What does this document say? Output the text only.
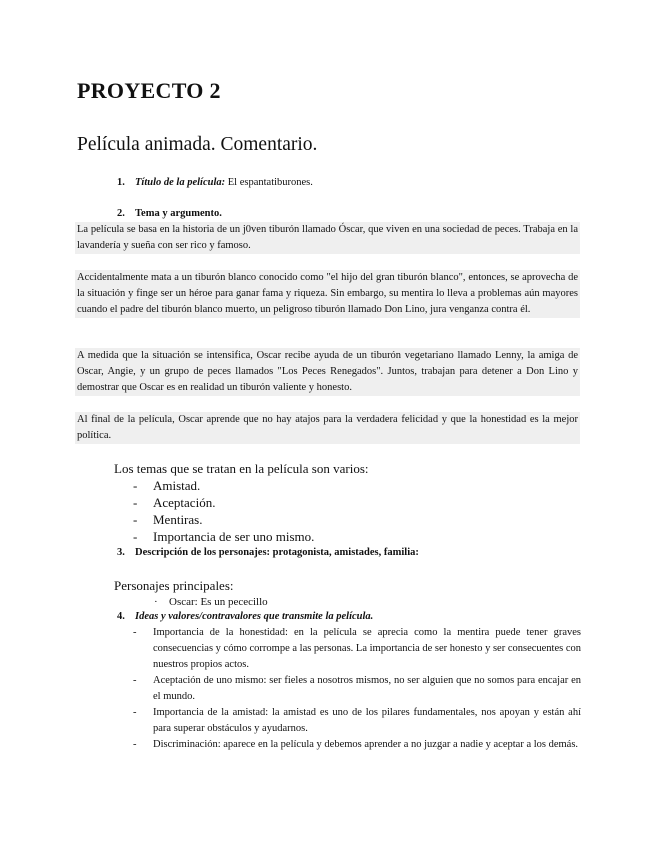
PROYECTO 2
Película animada. Comentario.
1. Título de la película: El espantatiburones.
2. Tema y argumento.
La película se basa en la historia de un j0ven tiburón llamado Óscar, que viven en una sociedad de peces. Trabaja en la lavandería y sueña con ser rico y famoso.
Accidentalmente mata a un tiburón blanco conocido como "el hijo del gran tiburón blanco", entonces, se aprovecha de la situación y finge ser un héroe para ganar fama y riqueza. Sin embargo, su mentira lo lleva a problemas aún mayores cuando el padre del tiburón blanco muerto, un peligroso tiburón llamado Don Lino, jura venganza contra él.
A medida que la situación se intensifica, Oscar recibe ayuda de un tiburón vegetariano llamado Lenny, la amiga de Oscar, Angie, y un grupo de peces llamados "Los Peces Renegados". Juntos, trabajan para detener a Don Lino y demostrar que Oscar es en realidad un tiburón valiente y honesto.
Al final de la película, Oscar aprende que no hay atajos para la verdadera felicidad y que la honestidad es la mejor política.
Los temas que se tratan en la película son varios:
- Amistad.
- Aceptación.
- Mentiras.
- Importancia de ser uno mismo.
3. Descripción de los personajes: protagonista, amistades, familia:
Personajes principales:
· Oscar: Es un pececillo
4. Ideas y valores/contravalores que transmite la película.
- Importancia de la honestidad: en la película se aprecia como la mentira puede tener graves consecuencias y cómo corrompe a las personas. La importancia de ser honesto y ser consecuentes con nuestros propios actos.
- Aceptación de uno mismo: ser fieles a nosotros mismos, no ser alguien que no somos para encajar en el mundo.
- Importancia de la amistad: la amistad es uno de los pilares fundamentales, nos apoyan y están ahí para superar obstáculos y ayudarnos.
- Discriminación: aparece en la película y debemos aprender a no juzgar a nadie y aceptar a los demás.
